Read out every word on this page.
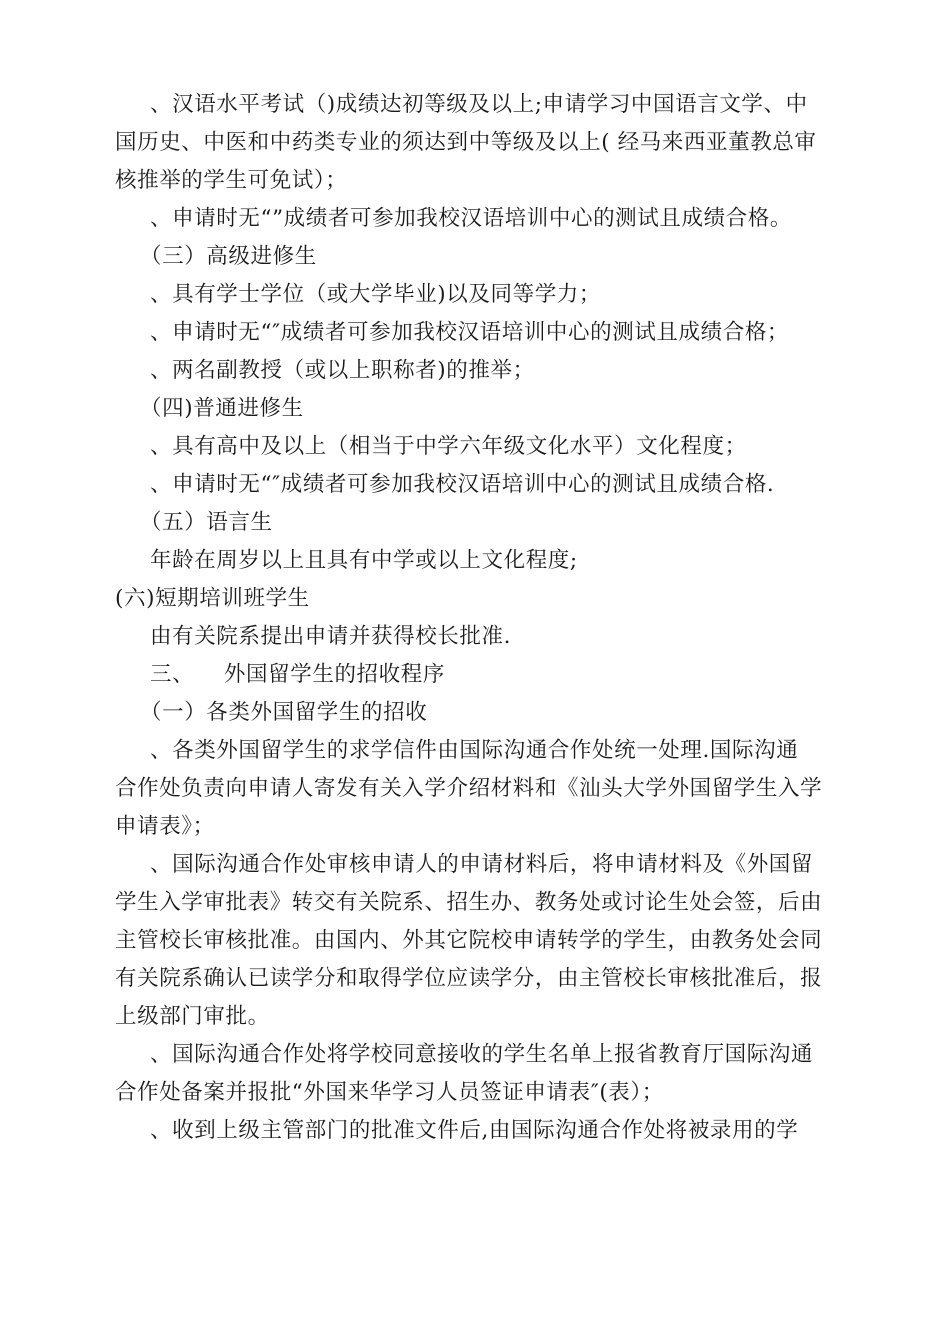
、汉语水平考试（)成绩达初等级及以上;申请学习中国语言文学、中
国历史、中医和中药类专业的须达到中等级及以上( 经马来西亚董教总审
核推举的学生可免试）；
、申请时无“”成绩者可参加我校汉语培训中心的测试且成绩合格。
（三）高级进修生
、具有学士学位（或大学毕业)以及同等学力；
、申请时无“″成绩者可参加我校汉语培训中心的测试且成绩合格；
、两名副教授（或以上职称者)的推举；
（四)普通进修生
、具有高中及以上（相当于中学六年级文化水平）文化程度；
、申请时无“″成绩者可参加我校汉语培训中心的测试且成绩合格.
（五）语言生
年龄在周岁以上且具有中学或以上文化程度;
(六)短期培训班学生
由有关院系提出申请并获得校长批准.
三、    外国留学生的招收程序
（一）各类外国留学生的招收
、各类外国留学生的求学信件由国际沟通合作处统一处理.国际沟通
合作处负责向申请人寄发有关入学介绍材料和《汕头大学外国留学生入学
申请表》；
、国际沟通合作处审核申请人的申请材料后，将申请材料及《外国留
学生入学审批表》转交有关院系、招生办、教务处或讨论生处会签，后由
主管校长审核批准。由国内、外其它院校申请转学的学生，由教务处会同
有关院系确认已读学分和取得学位应读学分，由主管校长审核批准后，报
上级部门审批。
、国际沟通合作处将学校同意接收的学生名单上报省教育厅国际沟通
合作处备案并报批“外国来华学习人员签证申请表″(表）；
、收到上级主管部门的批准文件后,由国际沟通合作处将被录用的学
